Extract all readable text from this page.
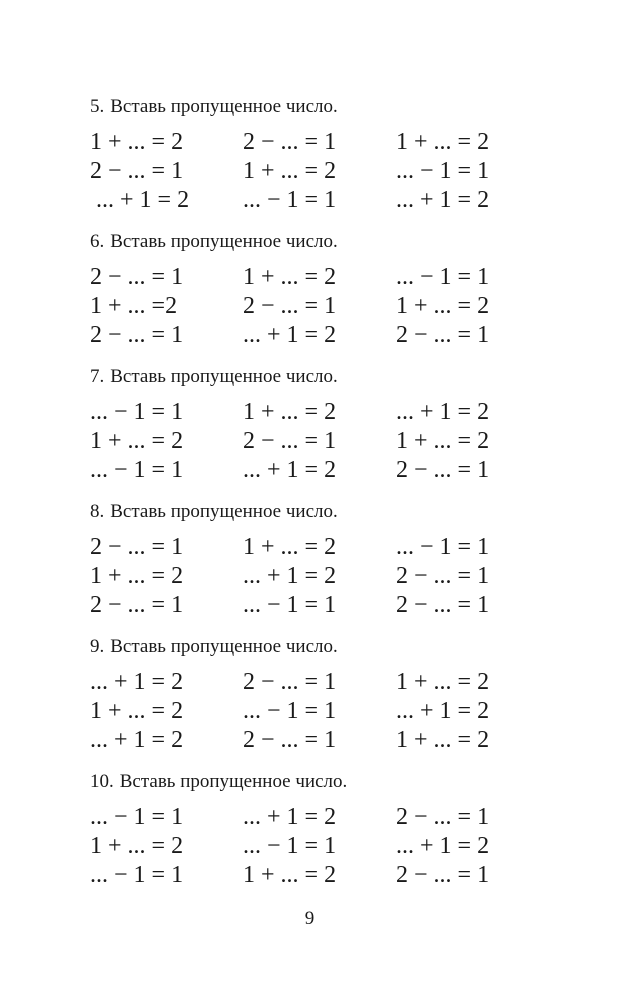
5. Вставь пропущенное число.
1 + ... = 2	2 − ... = 1	1 + ... = 2
2 − ... = 1	1 + ... = 2	... − 1 = 1
... + 1 = 2	... − 1 = 1	... + 1 = 2
6. Вставь пропущенное число.
2 − ... = 1	1 + ... = 2	... − 1 = 1
1 + ... =2	2 − ... = 1	1 + ... = 2
2 − ... = 1	... + 1 = 2	2 − ... = 1
7. Вставь пропущенное число.
... − 1 = 1	1 + ... = 2	... + 1 = 2
1 + ... = 2	2 − ... = 1	1 + ... = 2
... − 1 = 1	... + 1 = 2	2 − ... = 1
8. Вставь пропущенное число.
2 − ... = 1	1 + ... = 2	... − 1 = 1
1 + ... = 2	... + 1 = 2	2 − ... = 1
2 − ... = 1	... − 1 = 1	2 − ... = 1
9. Вставь пропущенное число.
... + 1 = 2	2 − ... = 1	1 + ... = 2
1 + ... = 2	... − 1 = 1	... + 1 = 2
... + 1 = 2	2 − ... = 1	1 + ... = 2
10. Вставь пропущенное число.
... − 1 = 1	... + 1 = 2	2 − ... = 1
1 + ... = 2	... − 1 = 1	... + 1 = 2
... − 1 = 1	1 + ... = 2	2 − ... = 1
9
